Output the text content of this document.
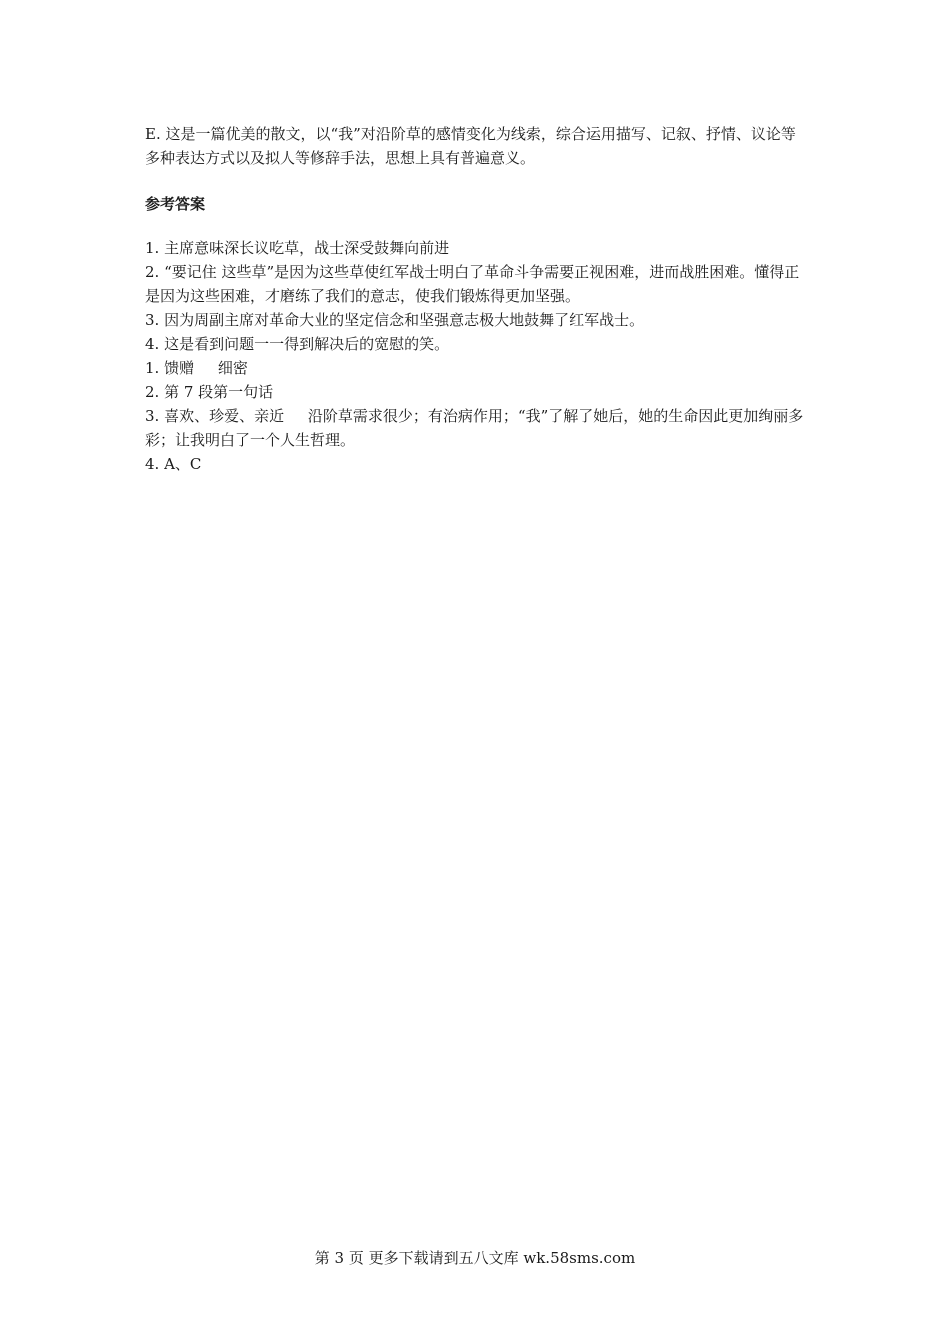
E. 这是一篇优美的散文，以“我”对沿阶草的感情变化为线索，综合运用描写、记叙、抒情、议论等多种表达方式以及拟人等修辞手法，思想上具有普遍意义。

参考答案
1. 主席意味深长议吃草，战士深受鼓舞向前进
2. “要记住 这些草”是因为这些草使红军战士明白了革命斗争需要正视困难，进而战胜困难。懂得正是因为这些困难，才磨练了我们的意志，使我们锻炼得更加坚强。
3. 因为周副主席对革命大业的坚定信念和坚强意志极大地鼓舞了红军战士。
4. 这是看到问题一一得到解决后的宽慰的笑。
1. 馈赠     细密
2. 第 7 段第一句话
3. 喜欢、珍爱、亲近     沿阶草需求很少；有治病作用；“我”了解了她后，她的生命因此更加绚丽多彩；让我明白了一个人生哲理。
4. A、C
第 3 页 更多下载请到五八文库 wk.58sms.com
